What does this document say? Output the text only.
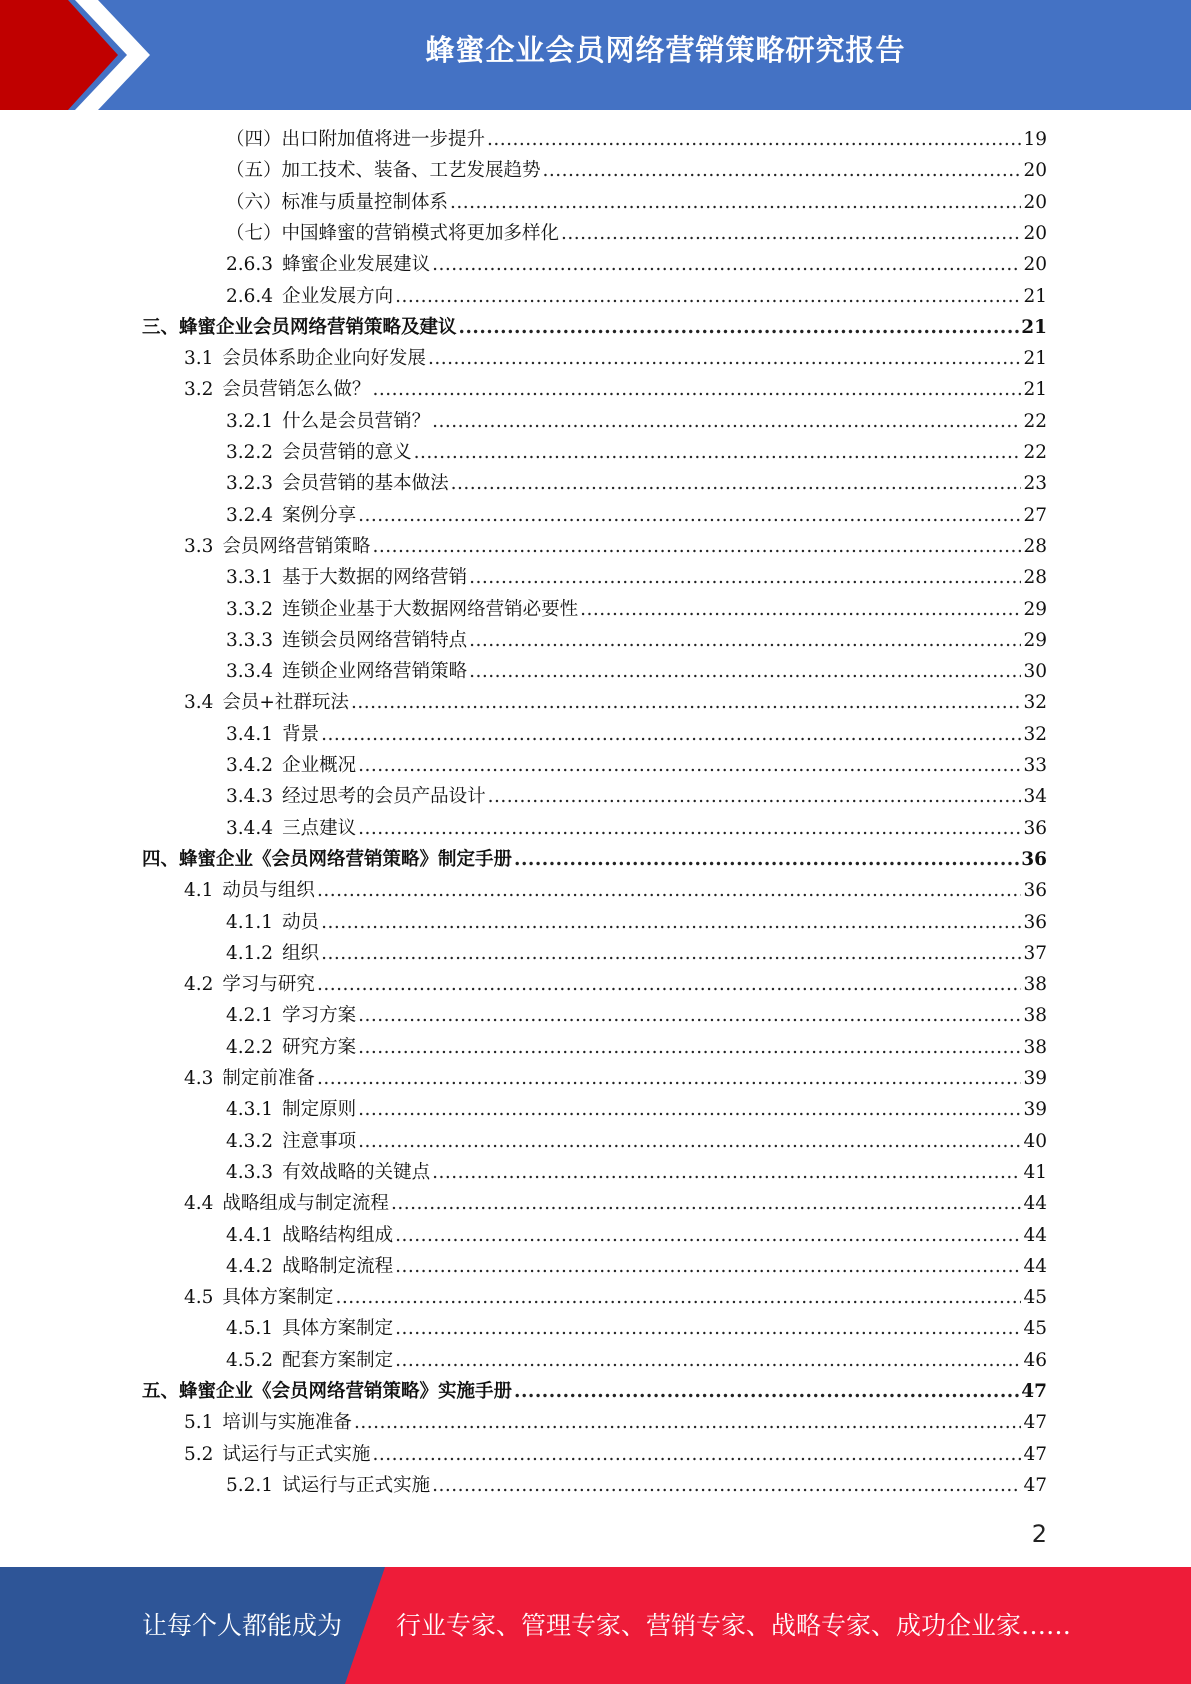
蜂蜜企业会员网络营销策略研究报告
（四）出口附加值将进一步提升 .....	19
（五）加工技术、装备、工艺发展趋势 .....	20
（六）标准与质量控制体系 .....	20
（七）中国蜂蜜的营销模式将更加多样化 .....	20
2.6.3 蜂蜜企业发展建议 .....	20
2.6.4 企业发展方向 .....	21
三、蜂蜜企业会员网络营销策略及建议 .....	21
3.1 会员体系助企业向好发展 .....	21
3.2 会员营销怎么做？ .....	21
3.2.1 什么是会员营销？ .....	22
3.2.2 会员营销的意义 .....	22
3.2.3 会员营销的基本做法 .....	23
3.2.4 案例分享 .....	27
3.3 会员网络营销策略 .....	28
3.3.1 基于大数据的网络营销 .....	28
3.3.2 连锁企业基于大数据网络营销必要性 .....	29
3.3.3 连锁会员网络营销特点 .....	29
3.3.4 连锁企业网络营销策略 .....	30
3.4 会员+社群玩法 .....	32
3.4.1 背景 .....	32
3.4.2 企业概况 .....	33
3.4.3 经过思考的会员产品设计 .....	34
3.4.4 三点建议 .....	36
四、蜂蜜企业《会员网络营销策略》制定手册 .....	36
4.1 动员与组织 .....	36
4.1.1 动员 .....	36
4.1.2 组织 .....	37
4.2 学习与研究 .....	38
4.2.1 学习方案 .....	38
4.2.2 研究方案 .....	38
4.3 制定前准备 .....	39
4.3.1 制定原则 .....	39
4.3.2 注意事项 .....	40
4.3.3 有效战略的关键点 .....	41
4.4 战略组成与制定流程 .....	44
4.4.1 战略结构组成 .....	44
4.4.2 战略制定流程 .....	44
4.5 具体方案制定 .....	45
4.5.1 具体方案制定 .....	45
4.5.2 配套方案制定 .....	46
五、蜂蜜企业《会员网络营销策略》实施手册 .....	47
5.1 培训与实施准备 .....	47
5.2 试运行与正式实施 .....	47
5.2.1 试运行与正式实施 .....	47
2
让每个人都能成为 行业专家、管理专家、营销专家、战略专家、成功企业家……
